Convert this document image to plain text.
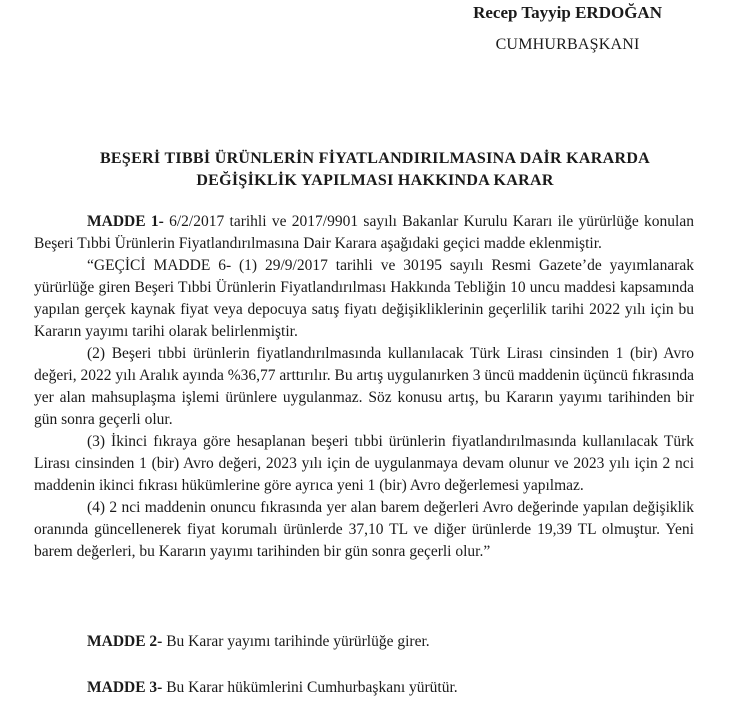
Recep Tayyip ERDOĞAN
CUMHURBAŞKANI
BEŞERİ TIBBİ ÜRÜNLERİN FİYATLANDIRILMASINA DAİR KARARDA
DEĞİŞİKLİK YAPILMASI HAKKINDA KARAR

MADDE 1- 6/2/2017 tarihli ve 2017/9901 sayılı Bakanlar Kurulu Kararı ile yürürlüğe konulan Beşeri Tıbbi Ürünlerin Fiyatlandırılmasına Dair Karara aşağıdaki geçici madde eklenmiştir.

“GEÇİCİ MADDE 6- (1) 29/9/2017 tarihli ve 30195 sayılı Resmi Gazete’de yayımlanarak yürürlüğe giren Beşeri Tıbbi Ürünlerin Fiyatlandırılması Hakkında Tebliğin 10 uncu maddesi kapsamında yapılan gerçek kaynak fiyat veya depocuya satış fiyatı değişikliklerinin geçerlilik tarihi 2022 yılı için bu Kararın yayımı tarihi olarak belirlenmiştir.

(2) Beşeri tıbbi ürünlerin fiyatlandırılmasında kullanılacak Türk Lirası cinsinden 1 (bir) Avro değeri, 2022 yılı Aralık ayında %36,77 arttırılır. Bu artış uygulanırken 3 üncü maddenin üçüncü fıkrasında yer alan mahsuplaşma işlemi ürünlere uygulanmaz. Söz konusu artış, bu Kararın yayımı tarihinden bir gün sonra geçerli olur.

(3) İkinci fıkraya göre hesaplanan beşeri tıbbi ürünlerin fiyatlandırılmasında kullanılacak Türk Lirası cinsinden 1 (bir) Avro değeri, 2023 yılı için de uygulanmaya devam olunur ve 2023 yılı için 2 nci maddenin ikinci fıkrası hükümlerine göre ayrıca yeni 1 (bir) Avro değerlemesi yapılmaz.

(4) 2 nci maddenin onuncu fıkrasında yer alan barem değerleri Avro değerinde yapılan değişiklik oranında güncellenerek fiyat korumalı ürünlerde 37,10 TL ve diğer ürünlerde 19,39 TL olmuştur. Yeni barem değerleri, bu Kararın yayımı tarihinden bir gün sonra geçerli olur.”

MADDE 2- Bu Karar yayımı tarihinde yürürlüğe girer.

MADDE 3- Bu Karar hükümlerini Cumhurbaşkanı yürütür.
